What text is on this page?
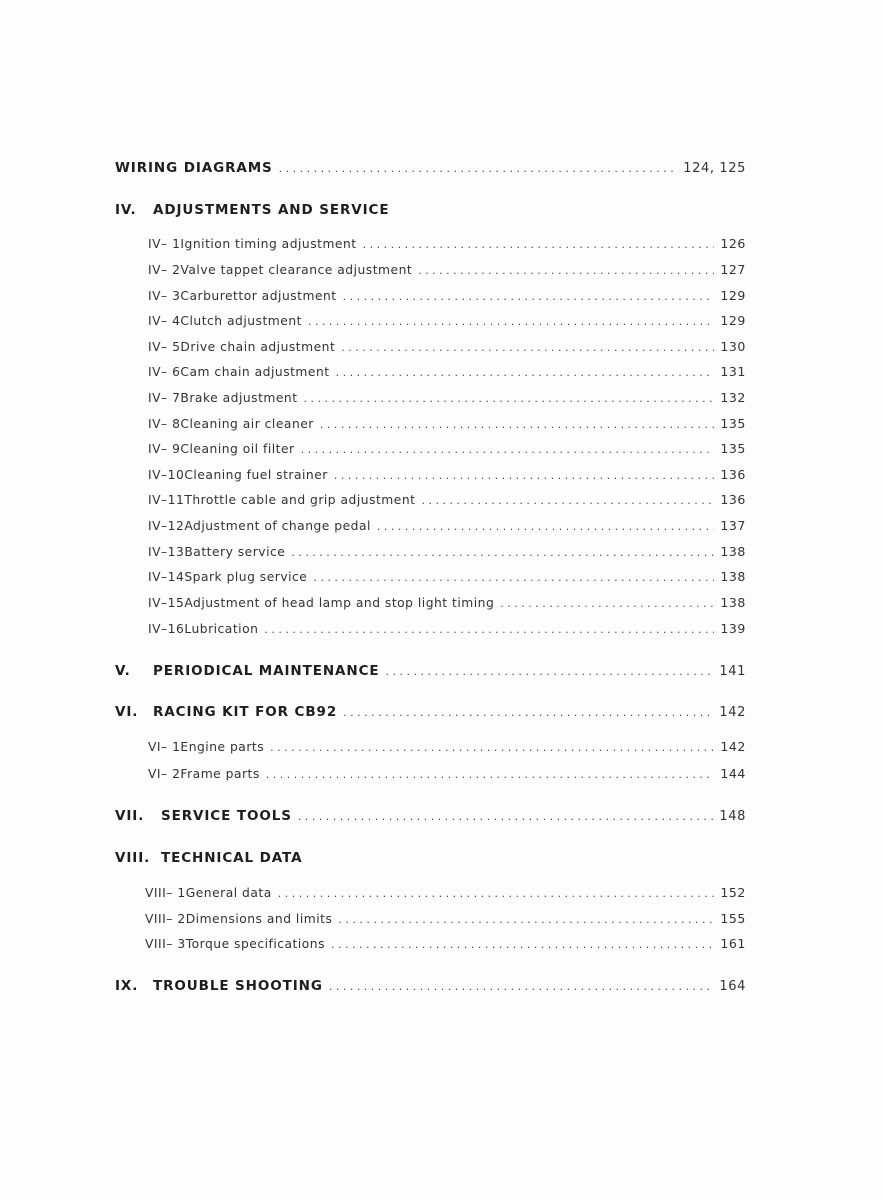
WIRING DIAGRAMS . . .	124, 125
IV.	ADJUSTMENTS AND SERVICE
IV– 1 Ignition timing adjustment . . .	126
IV– 2 Valve tappet clearance adjustment . . .	127
IV– 3 Carburettor adjustment . . .	129
IV– 4 Clutch adjustment . . .	129
IV– 5 Drive chain adjustment . . .	130
IV– 6 Cam chain adjustment . . .	131
IV– 7 Brake adjustment . . .	132
IV– 8 Cleaning air cleaner . . .	135
IV– 9 Cleaning oil filter . . .	135
IV–10 Cleaning fuel strainer . . .	136
IV–11 Throttle cable and grip adjustment . . .	136
IV–12 Adjustment of change pedal . . .	137
IV–13 Battery service . . .	138
IV–14 Spark plug service . . .	138
IV–15 Adjustment of head lamp and stop light timing . . .	138
IV–16 Lubrication . . .	139
V.	PERIODICAL MAINTENANCE . . .	141
VI.	RACING KIT FOR CB92 . . .	142
VI– 1 Engine parts . . .	142
VI– 2 Frame parts . . .	144
VII.	SERVICE TOOLS . . .	148
VIII. TECHNICAL DATA
VIII– 1 General data . . .	152
VIII– 2 Dimensions and limits . . .	155
VIII– 3 Torque specifications . . .	161
IX.	TROUBLE SHOOTING . . .	164
